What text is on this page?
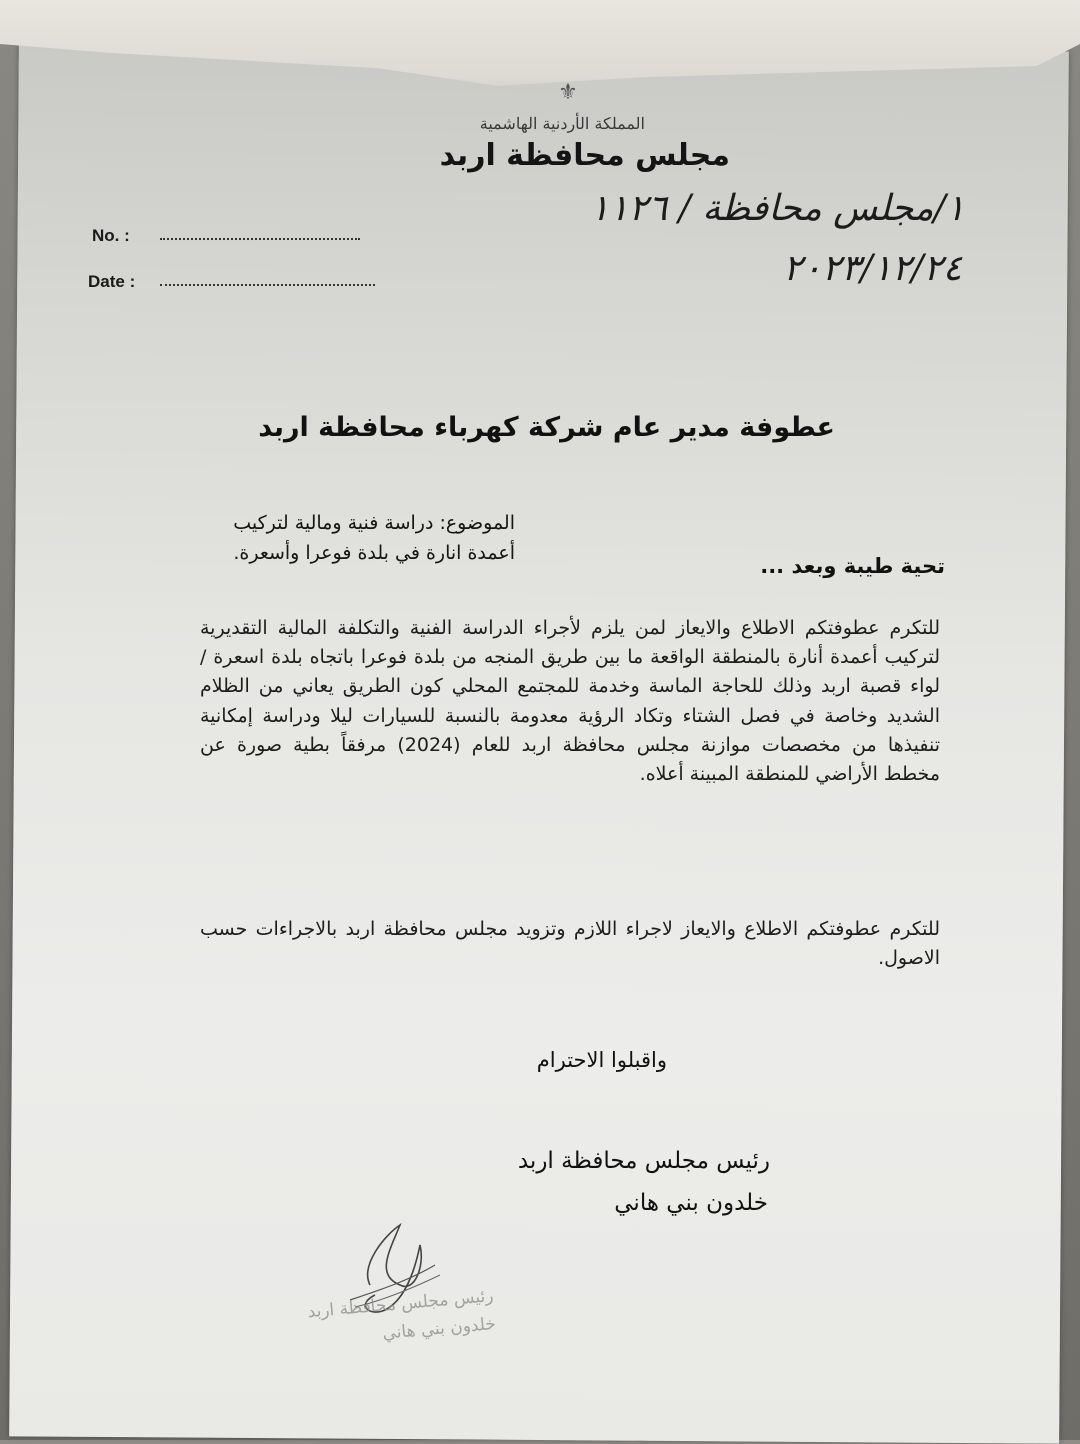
⚜
المملكة الأردنية الهاشمية
مجلس محافظة اربد
No. :
Date :
١/مجلس محافظة / ١١٢٦
٢٠٢٣/١٢/٢٤
عطوفة مدير عام شركة كهرباء محافظة اربد
الموضوع: دراسة فنية ومالية لتركيب
أعمدة انارة في بلدة فوعرا وأسعرة.
تحية طيبة وبعد ...
للتكرم عطوفتكم الاطلاع والايعاز لمن يلزم لأجراء الدراسة الفنية والتكلفة المالية التقديرية لتركيب أعمدة أنارة بالمنطقة الواقعة ما بين طريق المنجه من بلدة فوعرا باتجاه بلدة اسعرة / لواء قصبة اربد وذلك للحاجة الماسة وخدمة للمجتمع المحلي كون الطريق يعاني من الظلام الشديد وخاصة في فصل الشتاء وتكاد الرؤية معدومة بالنسبة للسيارات ليلا ودراسة إمكانية تنفيذها من مخصصات موازنة مجلس محافظة اربد للعام (2024) مرفقاً بطية صورة عن مخطط الأراضي للمنطقة المبينة أعلاه.
للتكرم عطوفتكم الاطلاع والايعاز لاجراء اللازم وتزويد مجلس محافظة اربد بالاجراءات حسب الاصول.
واقبلوا الاحترام
رئيس مجلس محافظة اربد
خلدون بني هاني
رئيس مجلس محافظة اربد
خلدون بني هاني
